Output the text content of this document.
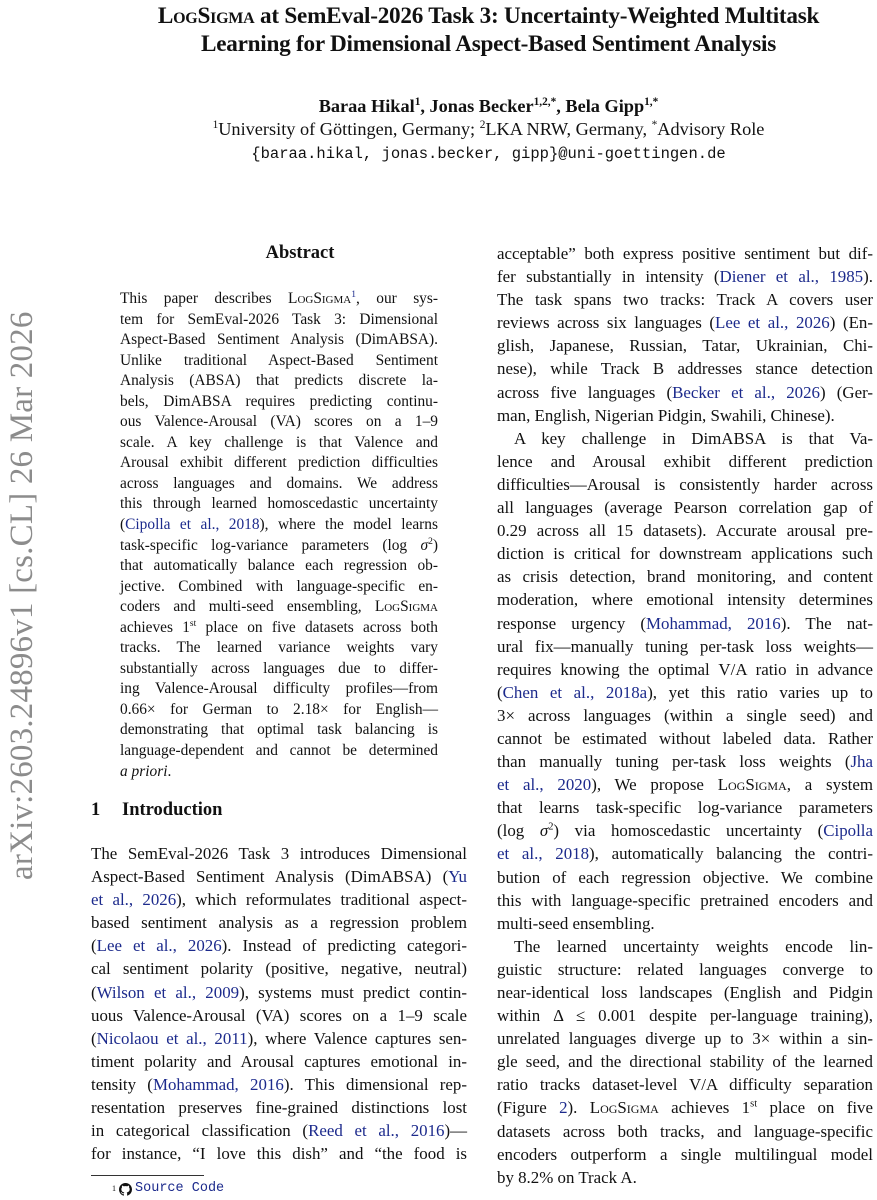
LogSigma at SemEval-2026 Task 3: Uncertainty-Weighted Multitask
Learning for Dimensional Aspect-Based Sentiment Analysis
Baraa Hikal$^1$, Jonas Becker$^{1,2,*}$, Bela Gipp$^{1,*}$
$^1$University of Göttingen, Germany; $^2$LKA NRW, Germany, *Advisory Role
{baraa.hikal, jonas.becker, gipp}@uni-goettingen.de
arXiv:2603.24896v1 [cs.CL] 26 Mar 2026
Abstract
This paper describes LogSigma$^1$, our sys-
tem for SemEval-2026 Task 3: Dimensional
Aspect-Based Sentiment Analysis (DimABSA).
Unlike traditional Aspect-Based Sentiment
Analysis (ABSA) that predicts discrete la-
bels, DimABSA requires predicting continu-
ous Valence-Arousal (VA) scores on a 1–9
scale. A key challenge is that Valence and
Arousal exhibit different prediction difficulties
across languages and domains. We address
this through learned homoscedastic uncertainty
(Cipolla et al., 2018), where the model learns
task-specific log-variance parameters (log $\sigma^2$)
that automatically balance each regression ob-
jective. Combined with language-specific en-
coders and multi-seed ensembling, LogSigma
achieves 1st place on five datasets across both
tracks. The learned variance weights vary
substantially across languages due to differ-
ing Valence-Arousal difficulty profiles—from
0.66× for German to 2.18× for English—
demonstrating that optimal task balancing is
language-dependent and cannot be determined
a priori.
1 Introduction
The SemEval-2026 Task 3 introduces Dimensional
Aspect-Based Sentiment Analysis (DimABSA) (Yu
et al., 2026), which reformulates traditional aspect-
based sentiment analysis as a regression problem
(Lee et al., 2026). Instead of predicting categori-
cal sentiment polarity (positive, negative, neutral)
(Wilson et al., 2009), systems must predict contin-
uous Valence-Arousal (VA) scores on a 1–9 scale
(Nicolaou et al., 2011), where Valence captures sen-
timent polarity and Arousal captures emotional in-
tensity (Mohammad, 2016). This dimensional rep-
resentation preserves fine-grained distinctions lost
in categorical classification (Reed et al., 2016)—
for instance, “I love this dish” and “the food is
acceptable” both express positive sentiment but dif-
fer substantially in intensity (Diener et al., 1985).
The task spans two tracks: Track A covers user
reviews across six languages (Lee et al., 2026) (En-
glish, Japanese, Russian, Tatar, Ukrainian, Chi-
nese), while Track B addresses stance detection
across five languages (Becker et al., 2026) (Ger-
man, English, Nigerian Pidgin, Swahili, Chinese).
A key challenge in DimABSA is that Va-
lence and Arousal exhibit different prediction
difficulties—Arousal is consistently harder across
all languages (average Pearson correlation gap of
0.29 across all 15 datasets). Accurate arousal pre-
diction is critical for downstream applications such
as crisis detection, brand monitoring, and content
moderation, where emotional intensity determines
response urgency (Mohammad, 2016). The nat-
ural fix—manually tuning per-task loss weights—
requires knowing the optimal V/A ratio in advance
(Chen et al., 2018a), yet this ratio varies up to
3× across languages (within a single seed) and
cannot be estimated without labeled data. Rather
than manually tuning per-task loss weights (Jha
et al., 2020), We propose LogSigma, a system
that learns task-specific log-variance parameters
(log $\sigma^2$) via homoscedastic uncertainty (Cipolla
et al., 2018), automatically balancing the contri-
bution of each regression objective. We combine
this with language-specific pretrained encoders and
multi-seed ensembling.
The learned uncertainty weights encode lin-
guistic structure: related languages converge to
near-identical loss landscapes (English and Pidgin
within Δ ≤ 0.001 despite per-language training),
unrelated languages diverge up to 3× within a sin-
gle seed, and the directional stability of the learned
ratio tracks dataset-level V/A difficulty separation
(Figure 2). LogSigma achieves 1st place on five
datasets across both tracks, and language-specific
encoders outperform a single multilingual model
by 8.2% on Track A.
1 Source Code
